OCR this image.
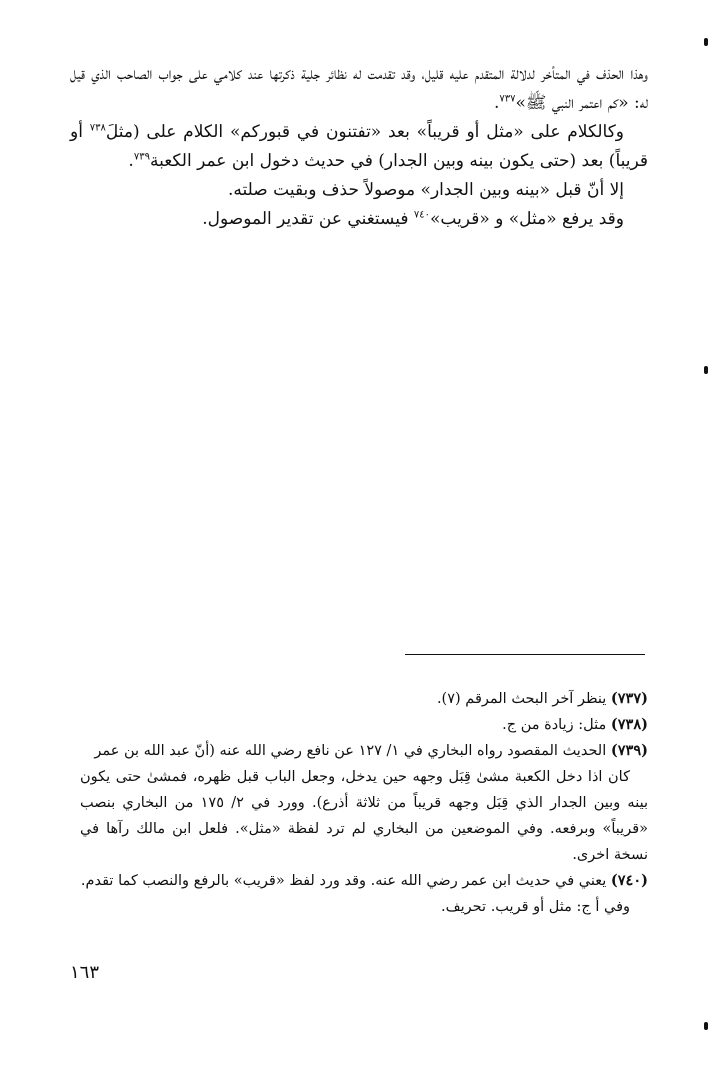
وهذا الحذف في المتأخر لدلالة المتقدم عليه قليل، وقد تقدمت له نظائر جلية ذكرتها عند كلامي على جواب الصاحب الذي قيل له: «كم اعتمر النبي ﷺ»$^{٧٣٧}$.

وكالكلام على «مثل أو قريباً» بعد «تفتنون في قبوركم» الكلام على (مثلَ$^{٧٣٨}$ أو قريباً) بعد (حتى يكون بينه وبين الجدار) في حديث دخول ابن عمر الكعبة$^{٧٣٩}$.

إلا أنّ قبل «بينه وبين الجدار» موصولاً حذف وبقيت صلته.

وقد يرفع «مثل» و «قريب»$^{٧٤٠}$ فيستغني عن تقدير الموصول.

(٧٣٧) ينظر آخر البحث المرقم (٧).

(٧٣٨) مثل: زيادة من ج.

(٧٣٩) الحديث المقصود رواه البخاري في ١/ ١٢٧ عن نافع رضي الله عنه (أنّ عبد الله بن عمر
كان اذا دخل الكعبة مشىٰ قِبَل وجهه حين يدخل، وجعل الباب قبل ظهره، فمشىٰ حتى يكون بينه وبين الجدار الذي قِبَل وجهه قريباً من ثلاثة أذرع). وورد في ٢/ ١٧٥ من البخاري بنصب «قريباً» وبرفعه. وفي الموضعين من البخاري لم ترد لفظة «مثل». فلعل ابن مالك رآها في نسخة اخرى.

(٧٤٠) يعني في حديث ابن عمر رضي الله عنه. وقد ورد لفظ «قريب» بالرفع والنصب كما تقدم.
وفي أ ج: مثل أو قريب. تحريف.

١٦٣
